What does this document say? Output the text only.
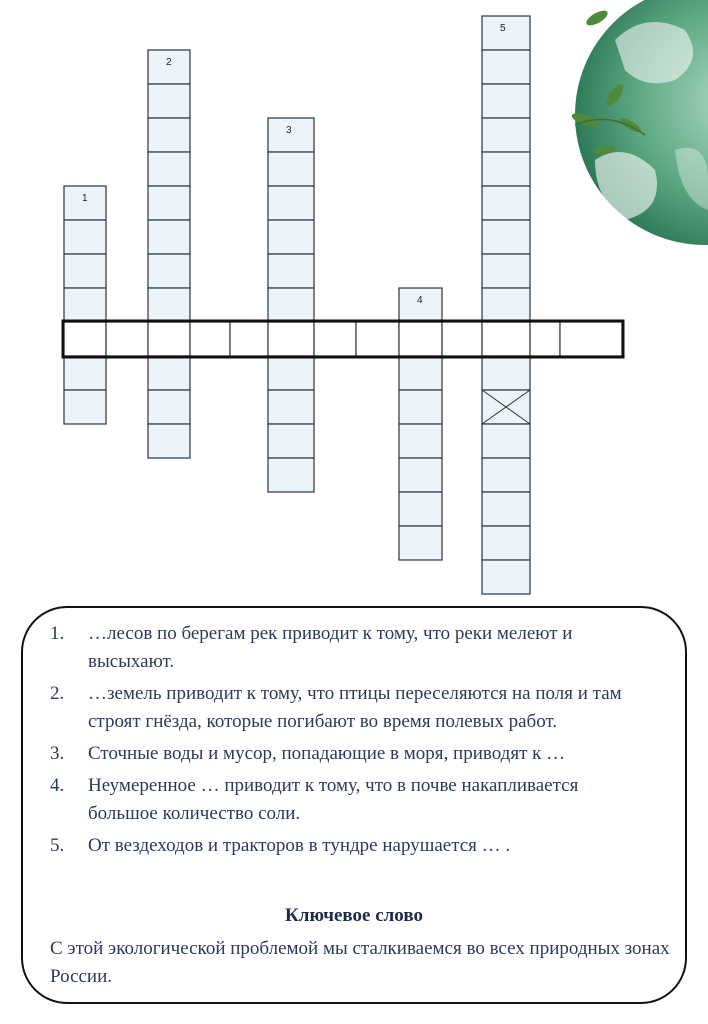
1
2
3
4
5
1. …лесов по берегам рек приводит к тому, что реки мелеют и высыхают.
2. …земель приводит к тому, что птицы переселяются на поля и там строят гнёзда, которые погибают во время полевых работ.
3. Сточные воды и мусор, попадающие в моря, приводят к …
4. Неумеренное … приводит к тому, что в почве накапливается большое количество соли.
5. От вездеходов и тракторов в тундре нарушается … .
Ключевое слово
С этой экологической проблемой мы сталкиваемся во всех природных зонах России.
